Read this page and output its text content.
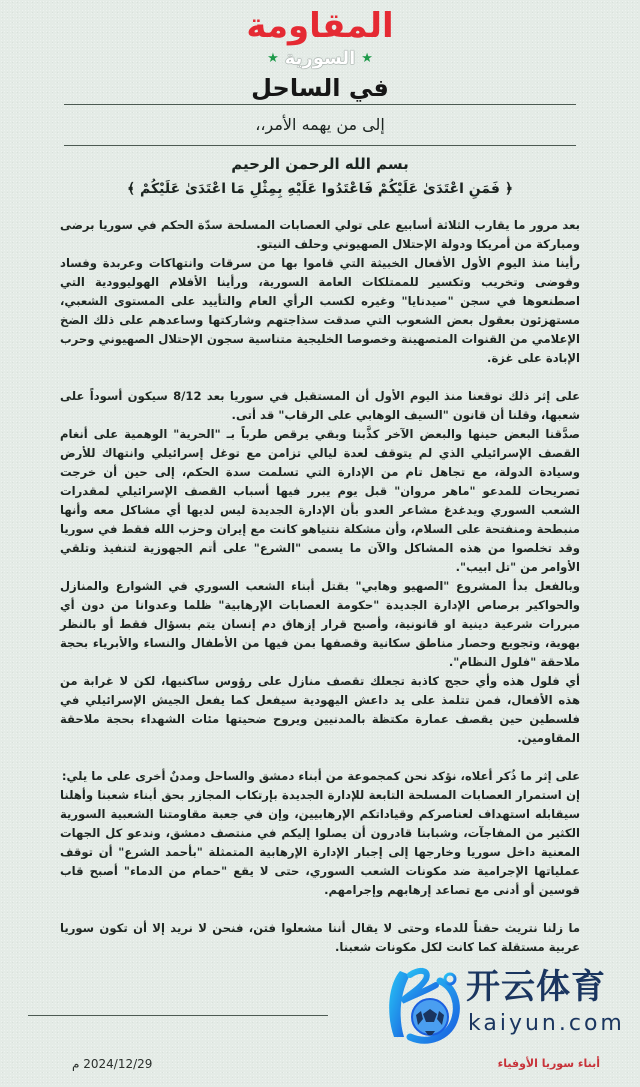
المقاومة
★
السورية
★
في الساحل
إلى من يهمه الأمر،،
بسم الله الرحمن الرحيم
﴿ فَمَنِ اعْتَدَىٰ عَلَيْكُمْ فَاعْتَدُوا عَلَيْهِ بِمِثْلِ مَا اعْتَدَىٰ عَلَيْكُمْ ﴾

بعد مرور ما يقارب الثلاثة أسابيع على تولي العصابات المسلحة سدّة الحكم في سوريا برضى ومباركة من أمريكا ودولة الإحتلال الصهيوني وحلف النيتو.

رأينا منذ اليوم الأول الأفعال الخبيثة التي قاموا بها من سرقات وانتهاكات وعربدة وفساد وفوضى وتخريب وتكسير للممتلكات العامة السورية، ورأينا الأفلام الهوليوودية التي اصطنعوها في سجن "صيدنايا" وغيره لكسب الرأي العام والتأييد على المستوى الشعبي، مستهزئون بعقول بعض الشعوب التي صدقت سذاجتهم وشاركتها وساعدهم على ذلك الضخ الإعلامي من القنوات المتصهينة وخصوصا الخليجية متناسية سجون الإحتلال الصهيوني وحرب الإبادة على غزة.

على إثر ذلك توقعنا منذ اليوم الأول أن المستقبل في سوريا بعد 8/12 سيكون أسوداً على شعبها، وقلنا أن قانون "السيف الوهابي على الرقاب" قد أتى.

صدَّقنا البعض حينها والبعض الآخر كذَّبنا وبقي يرقص طرباً بـ "الحرية" الوهمية على أنغام القصف الإسرائيلي الذي لم يتوقف لعدة ليالي تزامن مع توغل إسرائيلي وانتهاك للأرض وسيادة الدولة، مع تجاهل تام من الإدارة التي تسلمت سدة الحكم، إلى حين أن خرجت تصريحات للمدعو "ماهر مروان" قبل يوم يبرر فيها أسباب القصف الإسرائيلي لمقدرات الشعب السوري ويدغدغ مشاعر العدو بأن الإدارة الجديدة ليس لديها أي مشاكل معه وأنها منبطحة ومنفتحة على السلام، وأن مشكلة نتنياهو كانت مع إيران وحزب الله فقط في سوريا وقد تخلصوا من هذه المشاكل والآن ما يسمى "الشرع" على أتم الجهوزية لتنفيذ وتلقي الأوامر من "تل ابيب".

وبالفعل بدأ المشروع "الصهيو وهابي" بقتل أبناء الشعب السوري في الشوارع والمنازل والحواكير برصاص الإدارة الجديدة "حكومة العصابات الإرهابية" ظلما وعدوانا من دون أي مبررات شرعية دينية او قانونية، وأصبح قرار إزهاق دم إنسان يتم بسؤال فقط أو بالنظر بهوية، وتجويع وحصار مناطق سكانية وقصفها بمن فيها من الأطفال والنساء والأبرياء بحجة ملاحقة "فلول النظام".

أي فلول هذه وأي حجج كاذبة تجعلك تقصف منازل على رؤوس ساكنيها، لكن لا غرابة من هذه الأفعال، فمن تتلمذ على يد داعش اليهودية سيفعل كما يفعل الجيش الإسرائيلي في فلسطين حين يقصف عمارة مكتظة بالمدنيين ويروح ضحيتها مئات الشهداء بحجة ملاحقة المقاومين.

على إثر ما ذُكر أعلاه، نؤكد نحن كمجموعة من أبناء دمشق والساحل ومدنٌ أخرى على ما يلي:

إن استمرار العصابات المسلحة التابعة للإدارة الجديدة بإرتكاب المجازر بحق أبناء شعبنا وأهلنا سيقابله استهداف لعناصركم وقياداتكم الإرهابيين، وإن في جعبة مقاومتنا الشعبية السورية الكثير من المفاجآت، وشبابنا قادرون أن يصلوا إليكم في منتصف دمشق، وندعو كل الجهات المعنية داخل سوريا وخارجها إلى إجبار الإدارة الإرهابية المتمثلة "بأحمد الشرع" أن توقف عملياتها الإجرامية ضد مكونات الشعب السوري، حتى لا يقع "حمام من الدماء" أصبح قاب قوسين أو أدنى مع تصاعد إرهابهم وإجرامهم.

ما زلنا نتريث حقناً للدماء وحتى لا يقال أننا مشعلوا فتن، فنحن لا نريد إلا أن تكون سوريا عربية مستقلة كما كانت لكل مكونات شعبنا.

开云体育
kaiyun.com
2024/12/29 م	أبناء سوريا الأوفياء
